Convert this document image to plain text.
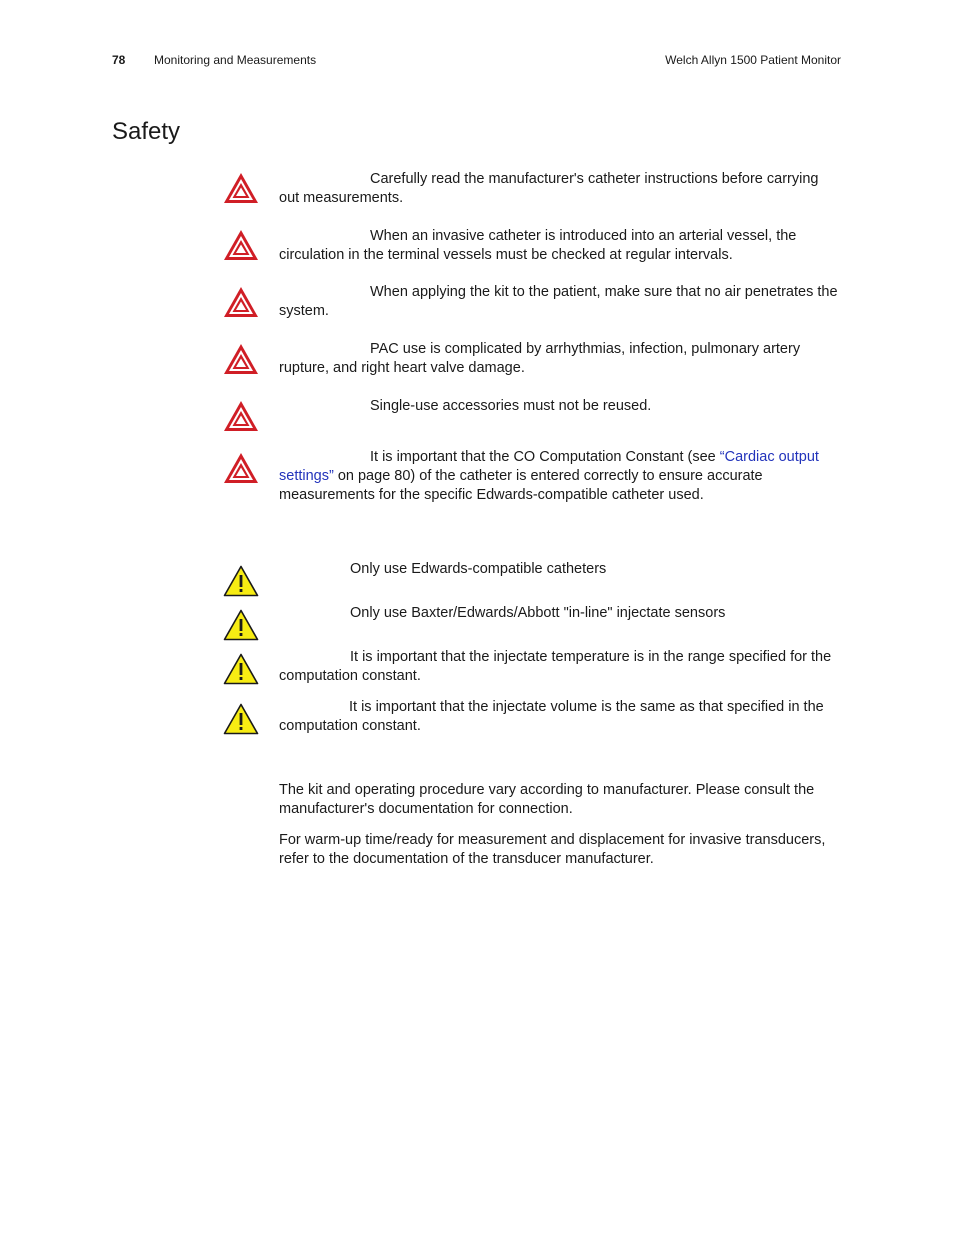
78 Monitoring and Measurements	Welch Allyn 1500 Patient Monitor
Safety

Carefully read the manufacturer's catheter instructions before carrying out measurements.

When an invasive catheter is introduced into an arterial vessel, the circulation in the terminal vessels must be checked at regular intervals.

When applying the kit to the patient, make sure that no air penetrates the system.

PAC use is complicated by arrhythmias, infection, pulmonary artery rupture, and right heart valve damage.

Single-use accessories must not be reused.

It is important that the CO Computation Constant (see “Cardiac output settings” on page 80) of the catheter is entered correctly to ensure accurate measurements for the specific Edwards-compatible catheter used.

Only use Edwards-compatible catheters

Only use Baxter/Edwards/Abbott "in-line" injectate sensors

It is important that the injectate temperature is in the range specified for the computation constant.

It is important that the injectate volume is the same as that specified in the computation constant.

The kit and operating procedure vary according to manufacturer. Please consult the manufacturer's documentation for connection.

For warm-up time/ready for measurement and displacement for invasive transducers, refer to the documentation of the transducer manufacturer.
